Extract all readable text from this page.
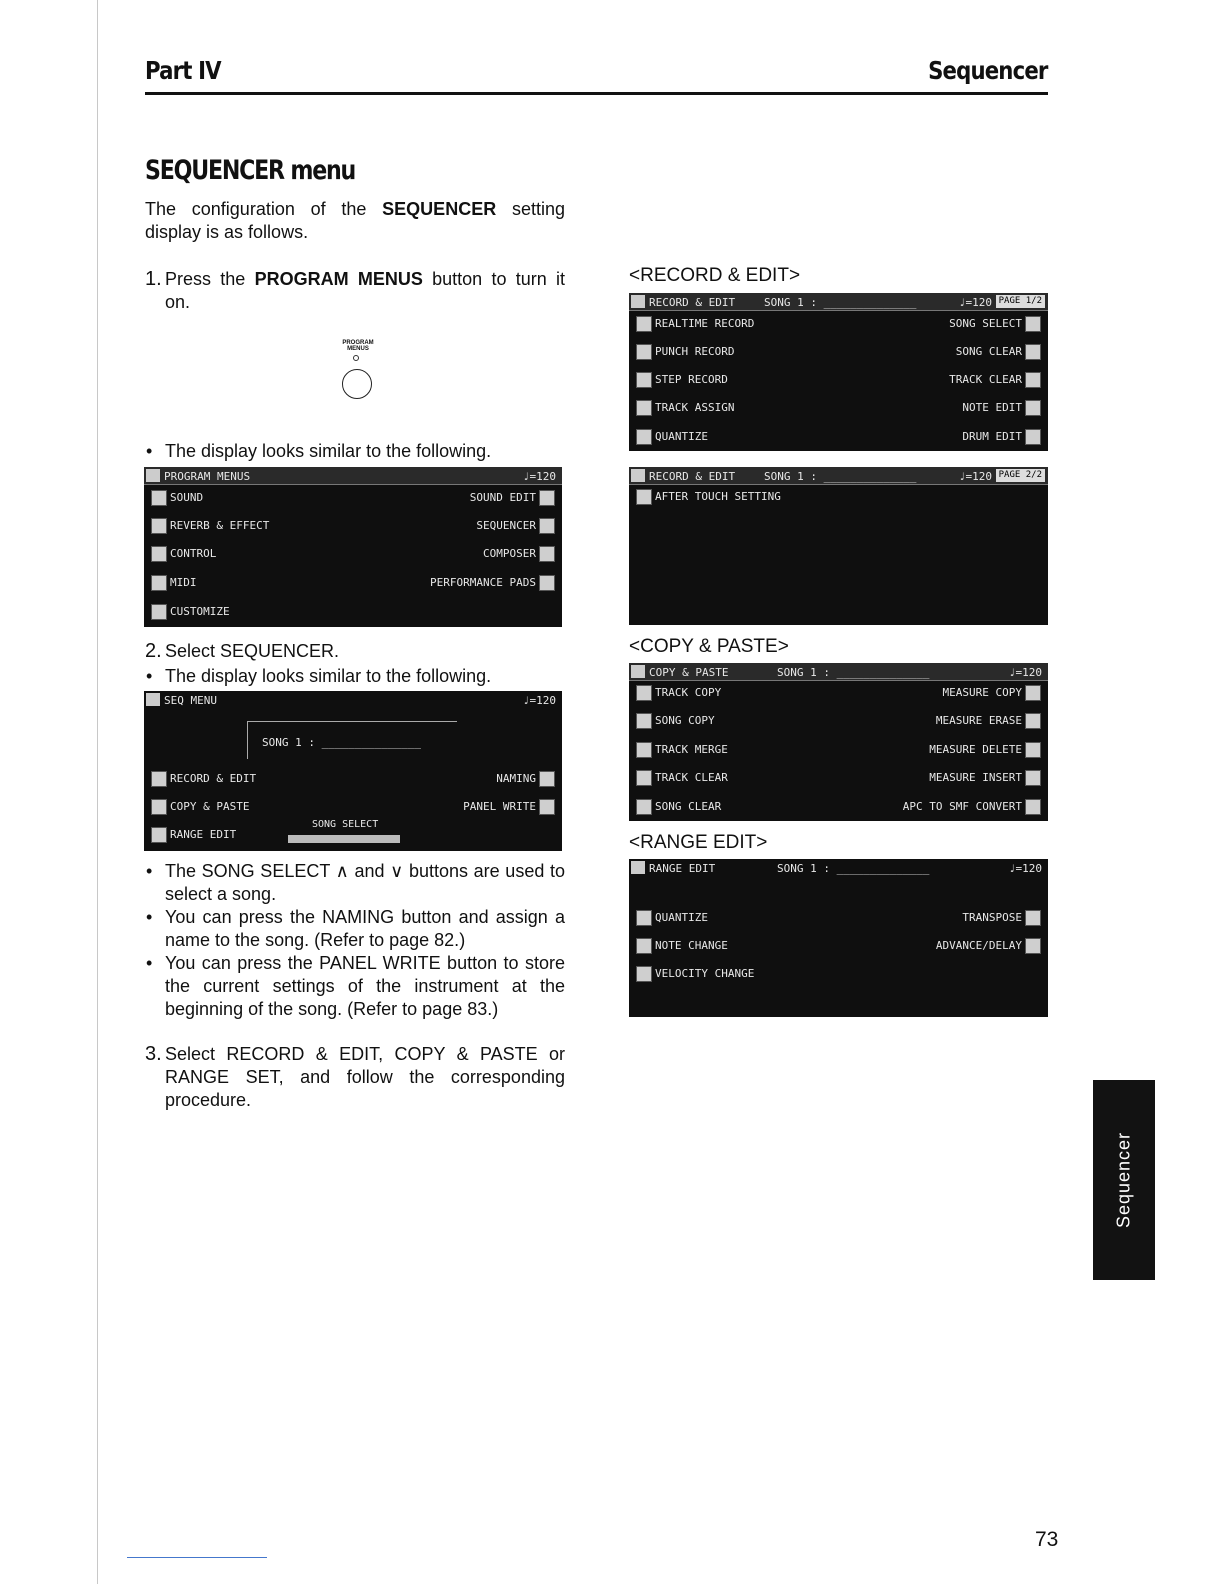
Part IV	Sequencer
SEQUENCER menu

The configuration of the SEQUENCER setting display is as follows.

1. Press the PROGRAM MENUS button to turn it on.
PROGRAM MENUS
• The display looks similar to the following.
PROGRAM MENUS	♩=120
SOUND
REVERB & EFFECT
CONTROL
MIDI
CUSTOMIZE
SOUND EDIT
SEQUENCER
COMPOSER
PERFORMANCE PADS
2. Select SEQUENCER.
• The display looks similar to the following.
SEQ MENU	♩=120
SONG 1 : _______________
RECORD & EDIT
COPY & PASTE
RANGE EDIT
NAMING
PANEL WRITE
SONG SELECT
• The SONG SELECT ∧ and ∨ buttons are used to select a song.
• You can press the NAMING button and assign a name to the song. (Refer to page 82.)
• You can press the PANEL WRITE button to store the current settings of the instrument at the beginning of the song. (Refer to page 83.)
3. Select RECORD & EDIT, COPY & PASTE or RANGE SET, and follow the corresponding procedure.
<RECORD & EDIT>
RECORD & EDIT	SONG 1 : ______________	♩=120 PAGE 1/2
REALTIME RECORD
PUNCH RECORD
STEP RECORD
TRACK ASSIGN
QUANTIZE
SONG SELECT
SONG CLEAR
TRACK CLEAR
NOTE EDIT
DRUM EDIT
RECORD & EDIT	SONG 1 : ______________	♩=120 PAGE 2/2
AFTER TOUCH SETTING
<COPY & PASTE>
COPY & PASTE	SONG 1 : ______________	♩=120
TRACK COPY
SONG COPY
TRACK MERGE
TRACK CLEAR
SONG CLEAR
MEASURE COPY
MEASURE ERASE
MEASURE DELETE
MEASURE INSERT
APC TO SMF CONVERT
<RANGE EDIT>
RANGE EDIT	SONG 1 : ______________	♩=120
QUANTIZE
NOTE CHANGE
VELOCITY CHANGE
TRANSPOSE
ADVANCE/DELAY
Sequencer
73
